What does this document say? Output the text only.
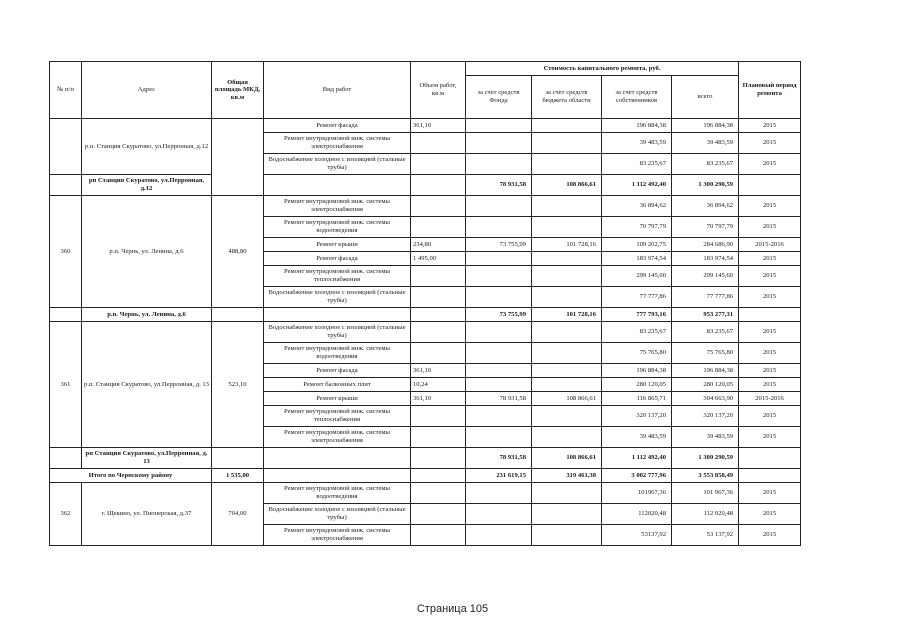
№ п/п	Адрес	Общая площадь МКД, кв.м	Вид работ	Объем работ, кв.м	Стоимость капитального ремонта, руб.				Плановый период ремонта
					за счет средств Фонда	за счет средств бюджета области	за счет средств собственников	всего	
	р.п. Станция Скуратово, ул.Перронная, д.12		Ремонт фасада	361,10			196 884,38	196 884,38	2015
			Ремонт внутридомовой инж. системы электроснабжения				39 483,59	39 483,59	2015
			Водоснабжение холодное с изоляцией (стальные трубы)				83 235,67	83 235,67	2015
	рп Станция Скуратово, ул.Перронная, д.12				78 931,58	108 866,61	1 112 492,40	1 300 290,59	
360	р.п. Чернь, ул. Ленина, д.6	488,80	Ремонт внутридомовой инж. системы электроснабжения				36 894,62	36 894,62	2015
			Ремонт внутридомовой инж. системы водоотведения				70 797,79	70 797,79	2015
			Ремонт крыши	234,80	73 755,99	101 728,16	109 202,75	284 686,90	2015-2016
			Ремонт фасада	1 495,00			183 974,54	183 974,54	2015
			Ремонт внутридомовой инж. системы теплоснабжения				299 145,60	299 145,60	2015
			Водоснабжение холодное с изоляцией (стальные трубы)				77 777,86	77 777,86	2015
	р.п. Чернь, ул. Ленина, д.6				73 755,99	101 728,16	777 793,16	953 277,31	
361	р.п. Станция Скуратово, ул.Перронная, д. 13	523,10	Водоснабжение холодное с изоляцией (стальные трубы)				83 235,67	83 235,67	2015
			Ремонт внутридомовой инж. системы водоотведения				75 765,80	75 765,80	2015
			Ремонт фасада	361,10			196 884,38	196 884,38	2015
			Ремонт балконных плит	10,24			280 120,05	280 120,05	2015
			Ремонт крыши	361,10	78 931,58	108 866,61	116 865,71	304 663,90	2015-2016
			Ремонт внутридомовой инж. системы теплоснабжения				320 137,20	320 137,20	2015
			Ремонт внутридомовой инж. системы электроснабжения				39 483,59	39 483,59	2015
	рп Станция Скуратово, ул.Перронная, д. 13				78 931,58	108 866,61	1 112 492,40	1 300 290,59	
Итого по Чернскому району		1 535,00			231 619,15	319 461,38	3 002 777,96	3 553 858,49	
362	г. Щекино, ул. Пионерская, д.37	704,00	Ремонт внутридомовой инж. системы водоотведения				101967,36	101 967,36	2015
			Водоснабжение холодное с изоляцией (стальные трубы)				112020,48	112 020,48	2015
			Ремонт внутридомовой инж. системы электроснабжения				53137,92	53 137,92	2015
Страница 105
